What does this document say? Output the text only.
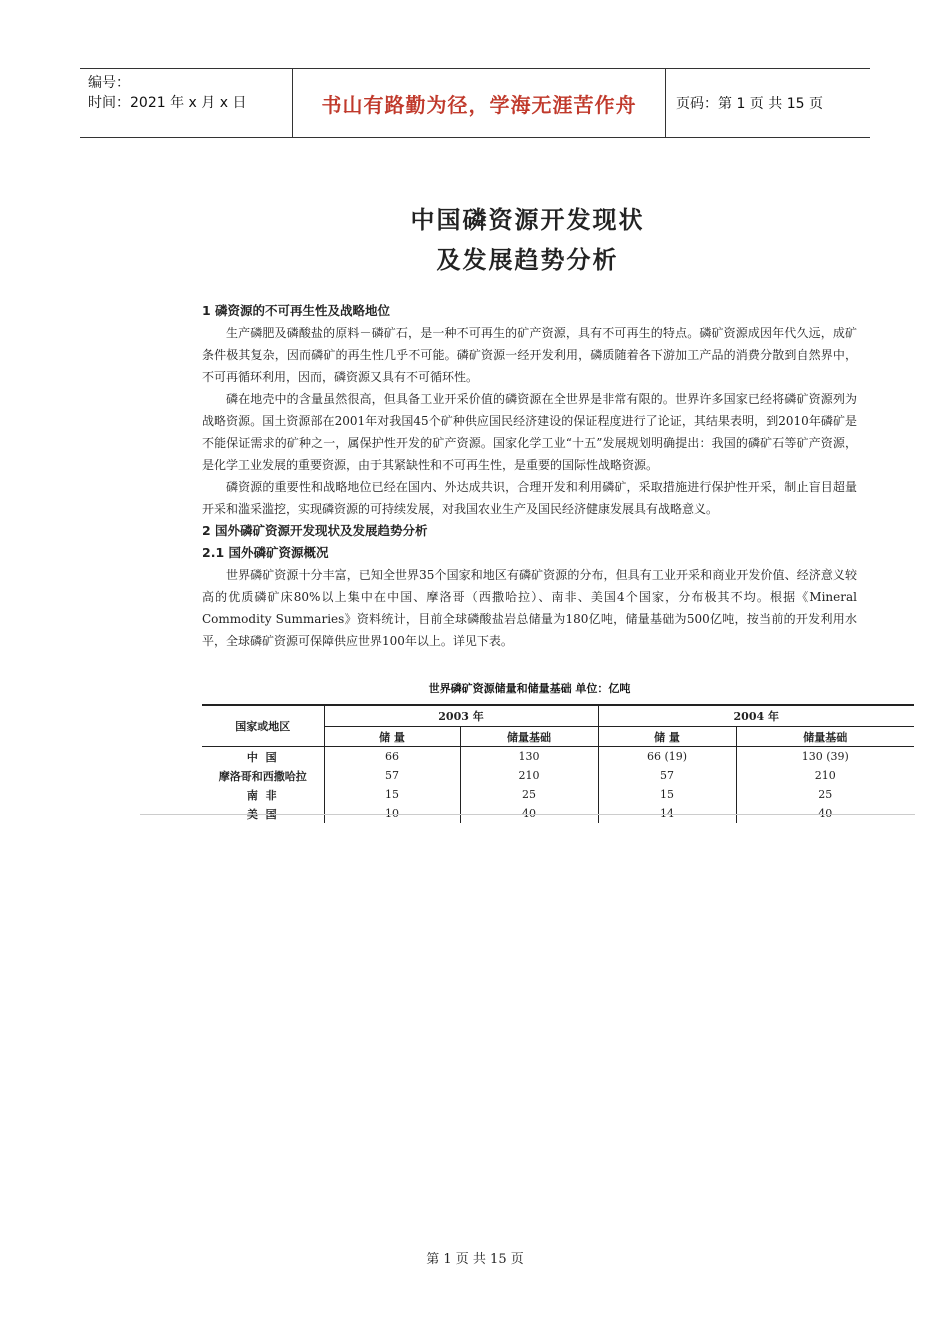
编号：
时间：2021 年 x 月 x 日	书山有路勤为径，学海无涯苦作舟	页码：第 1 页 共 15 页
中国磷资源开发现状
及发展趋势分析
1 磷资源的不可再生性及战略地位
生产磷肥及磷酸盐的原料－磷矿石，是一种不可再生的矿产资源，具有不可再生的特点。磷矿资源成因年代久远，成矿条件极其复杂，因而磷矿的再生性几乎不可能。磷矿资源一经开发利用，磷质随着各下游加工产品的消费分散到自然界中，不可再循环利用，因而，磷资源又具有不可循环性。
磷在地壳中的含量虽然很高，但具备工业开采价值的磷资源在全世界是非常有限的。世界许多国家已经将磷矿资源列为战略资源。国土资源部在2001年对我国45个矿种供应国民经济建设的保证程度进行了论证，其结果表明，到2010年磷矿是不能保证需求的矿种之一，属保护性开发的矿产资源。国家化学工业“十五”发展规划明确提出：我国的磷矿石等矿产资源，是化学工业发展的重要资源，由于其紧缺性和不可再生性，是重要的国际性战略资源。
磷资源的重要性和战略地位已经在国内、外达成共识，合理开发和利用磷矿，采取措施进行保护性开采，制止盲目超量开采和滥采滥挖，实现磷资源的可持续发展，对我国农业生产及国民经济健康发展具有战略意义。
2 国外磷矿资源开发现状及发展趋势分析
2.1 国外磷矿资源概况
世界磷矿资源十分丰富，已知全世界35个国家和地区有磷矿资源的分布，但具有工业开采和商业开发价值、经济意义较高的优质磷矿床80%以上集中在中国、摩洛哥（西撒哈拉）、南非、美国4个国家，分布极其不均。根据《Mineral Commodity Summaries》资料统计，目前全球磷酸盐岩总储量为180亿吨，储量基础为500亿吨，按当前的开发利用水平，全球磷矿资源可保障供应世界100年以上。详见下表。
世界磷矿资源储量和储量基础 单位：亿吨
国家或地区	2003 年		2004 年	
	储 量	储量基础	储 量	储量基础
中 国	66	130	66 (19)	130 (39)
摩洛哥和西撒哈拉	57	210	57	210
南 非	15	25	15	25
美 国	10	40	14	40
第 1 页 共 15 页
